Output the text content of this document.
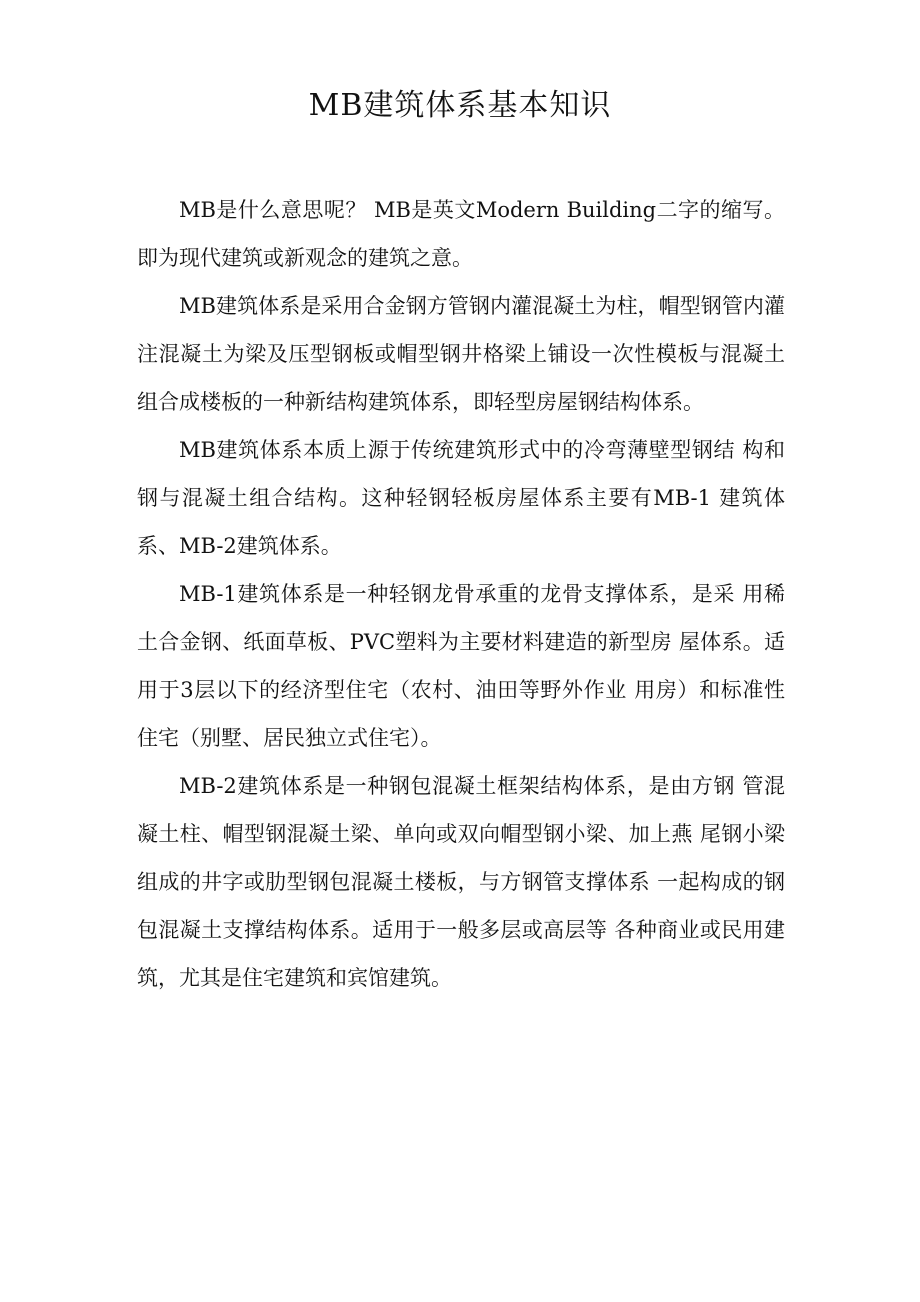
MB建筑体系基本知识

MB是什么意思呢？ MB是英文Modern Building二字的缩写。 即为现代建筑或新观念的建筑之意。

MB建筑体系是采用合金钢方管钢内灌混凝土为柱，帽型钢管内灌注混凝土为梁及压型钢板或帽型钢井格梁上铺设一次性模板与混凝土组合成楼板的一种新结构建筑体系，即轻型房屋钢结构体系。

MB建筑体系本质上源于传统建筑形式中的冷弯薄壁型钢结 构和钢与混凝土组合结构。这种轻钢轻板房屋体系主要有MB-1 建筑体系、MB-2建筑体系。

MB-1建筑体系是一种轻钢龙骨承重的龙骨支撑体系，是采 用稀土合金钢、纸面草板、PVC塑料为主要材料建造的新型房 屋体系。适用于3层以下的经济型住宅（农村、油田等野外作业 用房）和标准性住宅（别墅、居民独立式住宅）。

MB-2建筑体系是一种钢包混凝土框架结构体系，是由方钢 管混凝土柱、帽型钢混凝土梁、单向或双向帽型钢小梁、加上燕 尾钢小梁组成的井字或肋型钢包混凝土楼板，与方钢管支撑体系 一起构成的钢包混凝土支撑结构体系。适用于一般多层或高层等 各种商业或民用建筑，尤其是住宅建筑和宾馆建筑。
